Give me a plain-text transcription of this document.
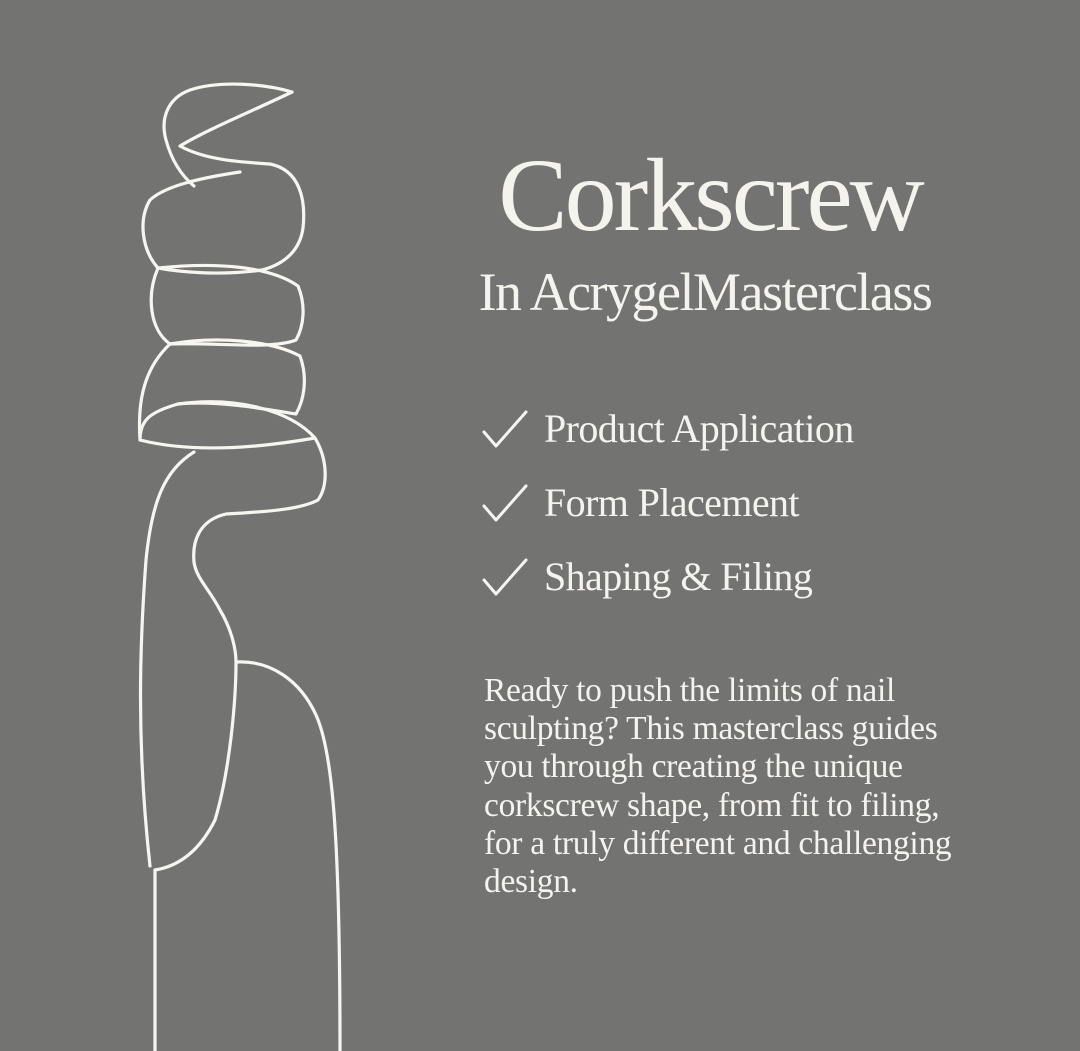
Corkscrew
In AcrygelMasterclass
Product Application
Form Placement
Shaping & Filing

Ready to push the limits of nail sculpting? This masterclass guides you through creating the unique corkscrew shape, from fit to filing, for a truly different and challenging design.
